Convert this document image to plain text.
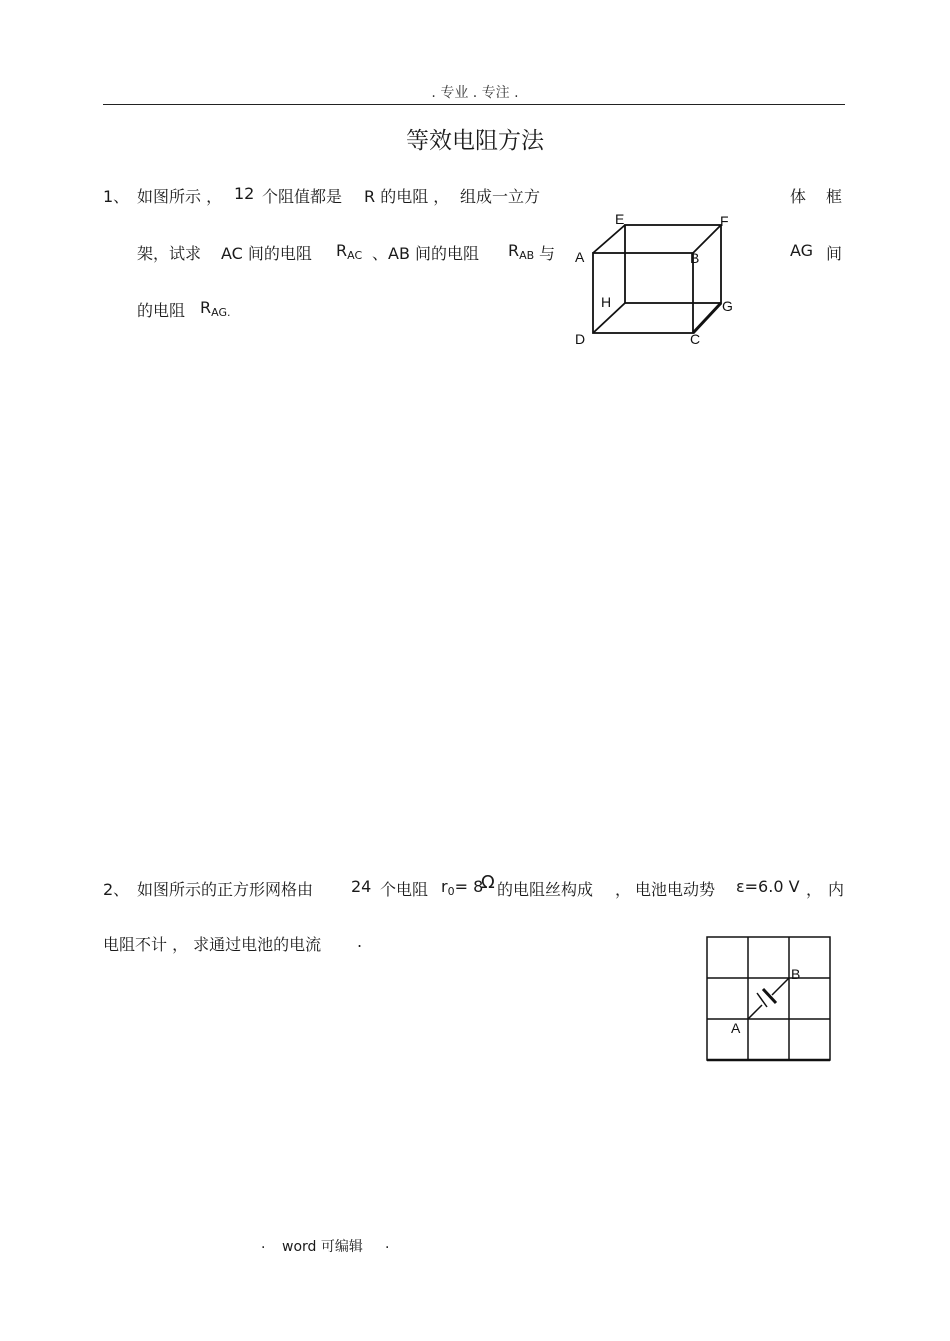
. 专业 . 专注 .
等效电阻方法
1、 如图所示 ， 12 个阻值都是 R 的电阻 ， 组成一立方	体 框
架，试求 AC 间的电阻 $R_{AC}$ 、AB 间的电阻 $R_{AB}$ 与	AG 间
的电阻 $R_{AG.}$
E	F
A	B
H	G
D	C
2、 如图所示的正方形网格由 24 个电阻 $r_0= 8$
Ω 的电阻丝构成 ， 电池电动势 ε=6.0 V ， 内
电阻不计 ， 求通过电池的电流 .
B
A
. word 可编辑 .
